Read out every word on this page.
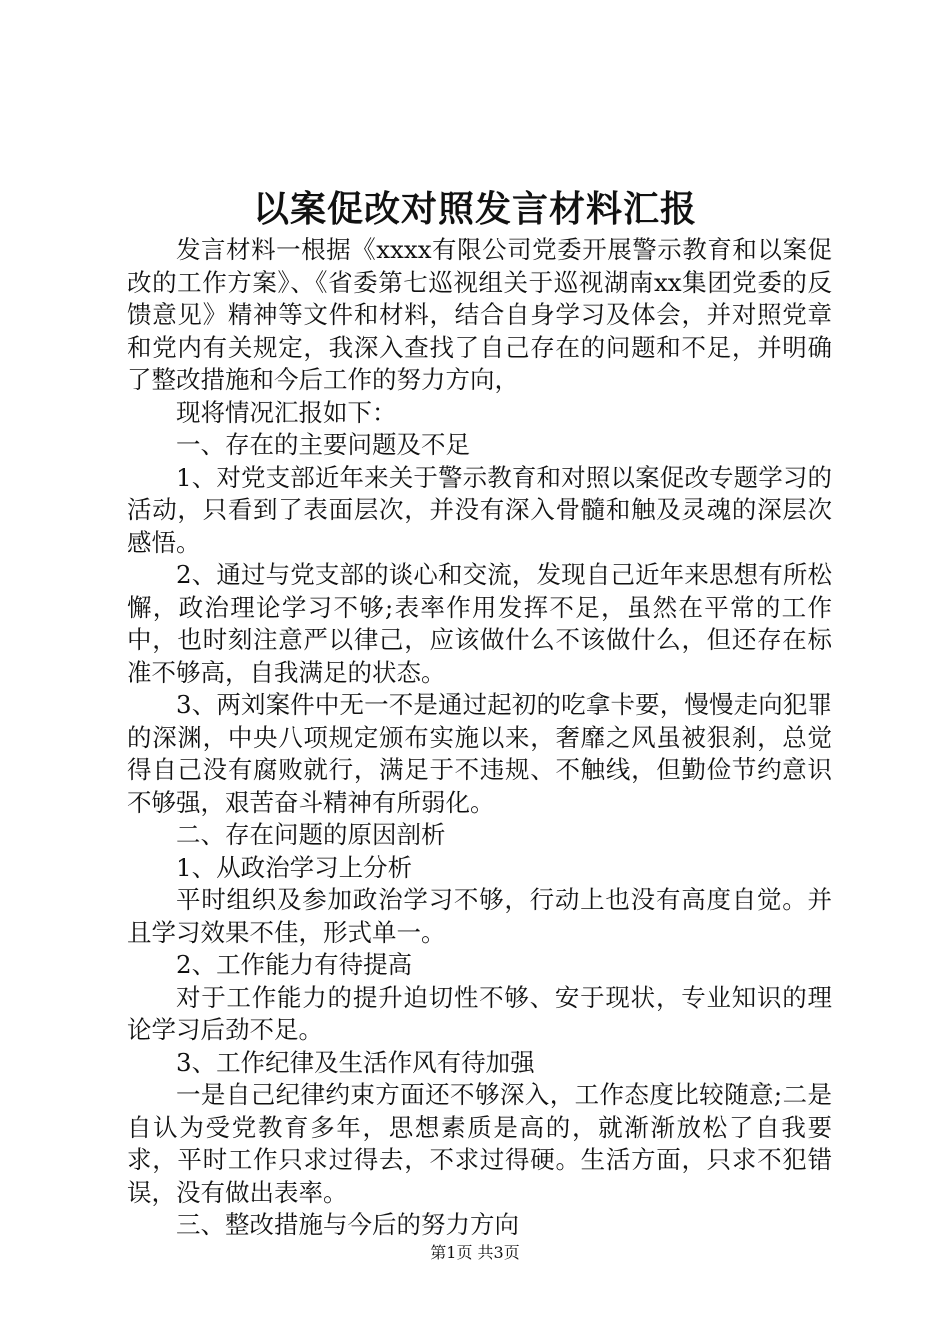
以案促改对照发言材料汇报

发言材料一根据《xxxx有限公司党委开展警示教育和以案促改的工作方案》、《省委第七巡视组关于巡视湖南xx集团党委的反馈意见》精神等文件和材料，结合自身学习及体会，并对照党章和党内有关规定，我深入查找了自己存在的问题和不足，并明确了整改措施和今后工作的努力方向，

现将情况汇报如下：

一、存在的主要问题及不足

1、对党支部近年来关于警示教育和对照以案促改专题学习的活动，只看到了表面层次，并没有深入骨髓和触及灵魂的深层次感悟。

2、通过与党支部的谈心和交流，发现自己近年来思想有所松懈，政治理论学习不够;表率作用发挥不足，虽然在平常的工作中，也时刻注意严以律己，应该做什么不该做什么，但还存在标准不够高，自我满足的状态。

3、两刘案件中无一不是通过起初的吃拿卡要，慢慢走向犯罪的深渊，中央八项规定颁布实施以来，奢靡之风虽被狠刹，总觉得自己没有腐败就行，满足于不违规、不触线，但勤俭节约意识不够强，艰苦奋斗精神有所弱化。

二、存在问题的原因剖析

1、从政治学习上分析

平时组织及参加政治学习不够，行动上也没有高度自觉。并且学习效果不佳，形式单一。

2、工作能力有待提高

对于工作能力的提升迫切性不够、安于现状，专业知识的理论学习后劲不足。

3、工作纪律及生活作风有待加强

一是自己纪律约束方面还不够深入，工作态度比较随意;二是自认为受党教育多年，思想素质是高的，就渐渐放松了自我要求，平时工作只求过得去，不求过得硬。生活方面，只求不犯错误，没有做出表率。

三、整改措施与今后的努力方向

第1页 共3页
